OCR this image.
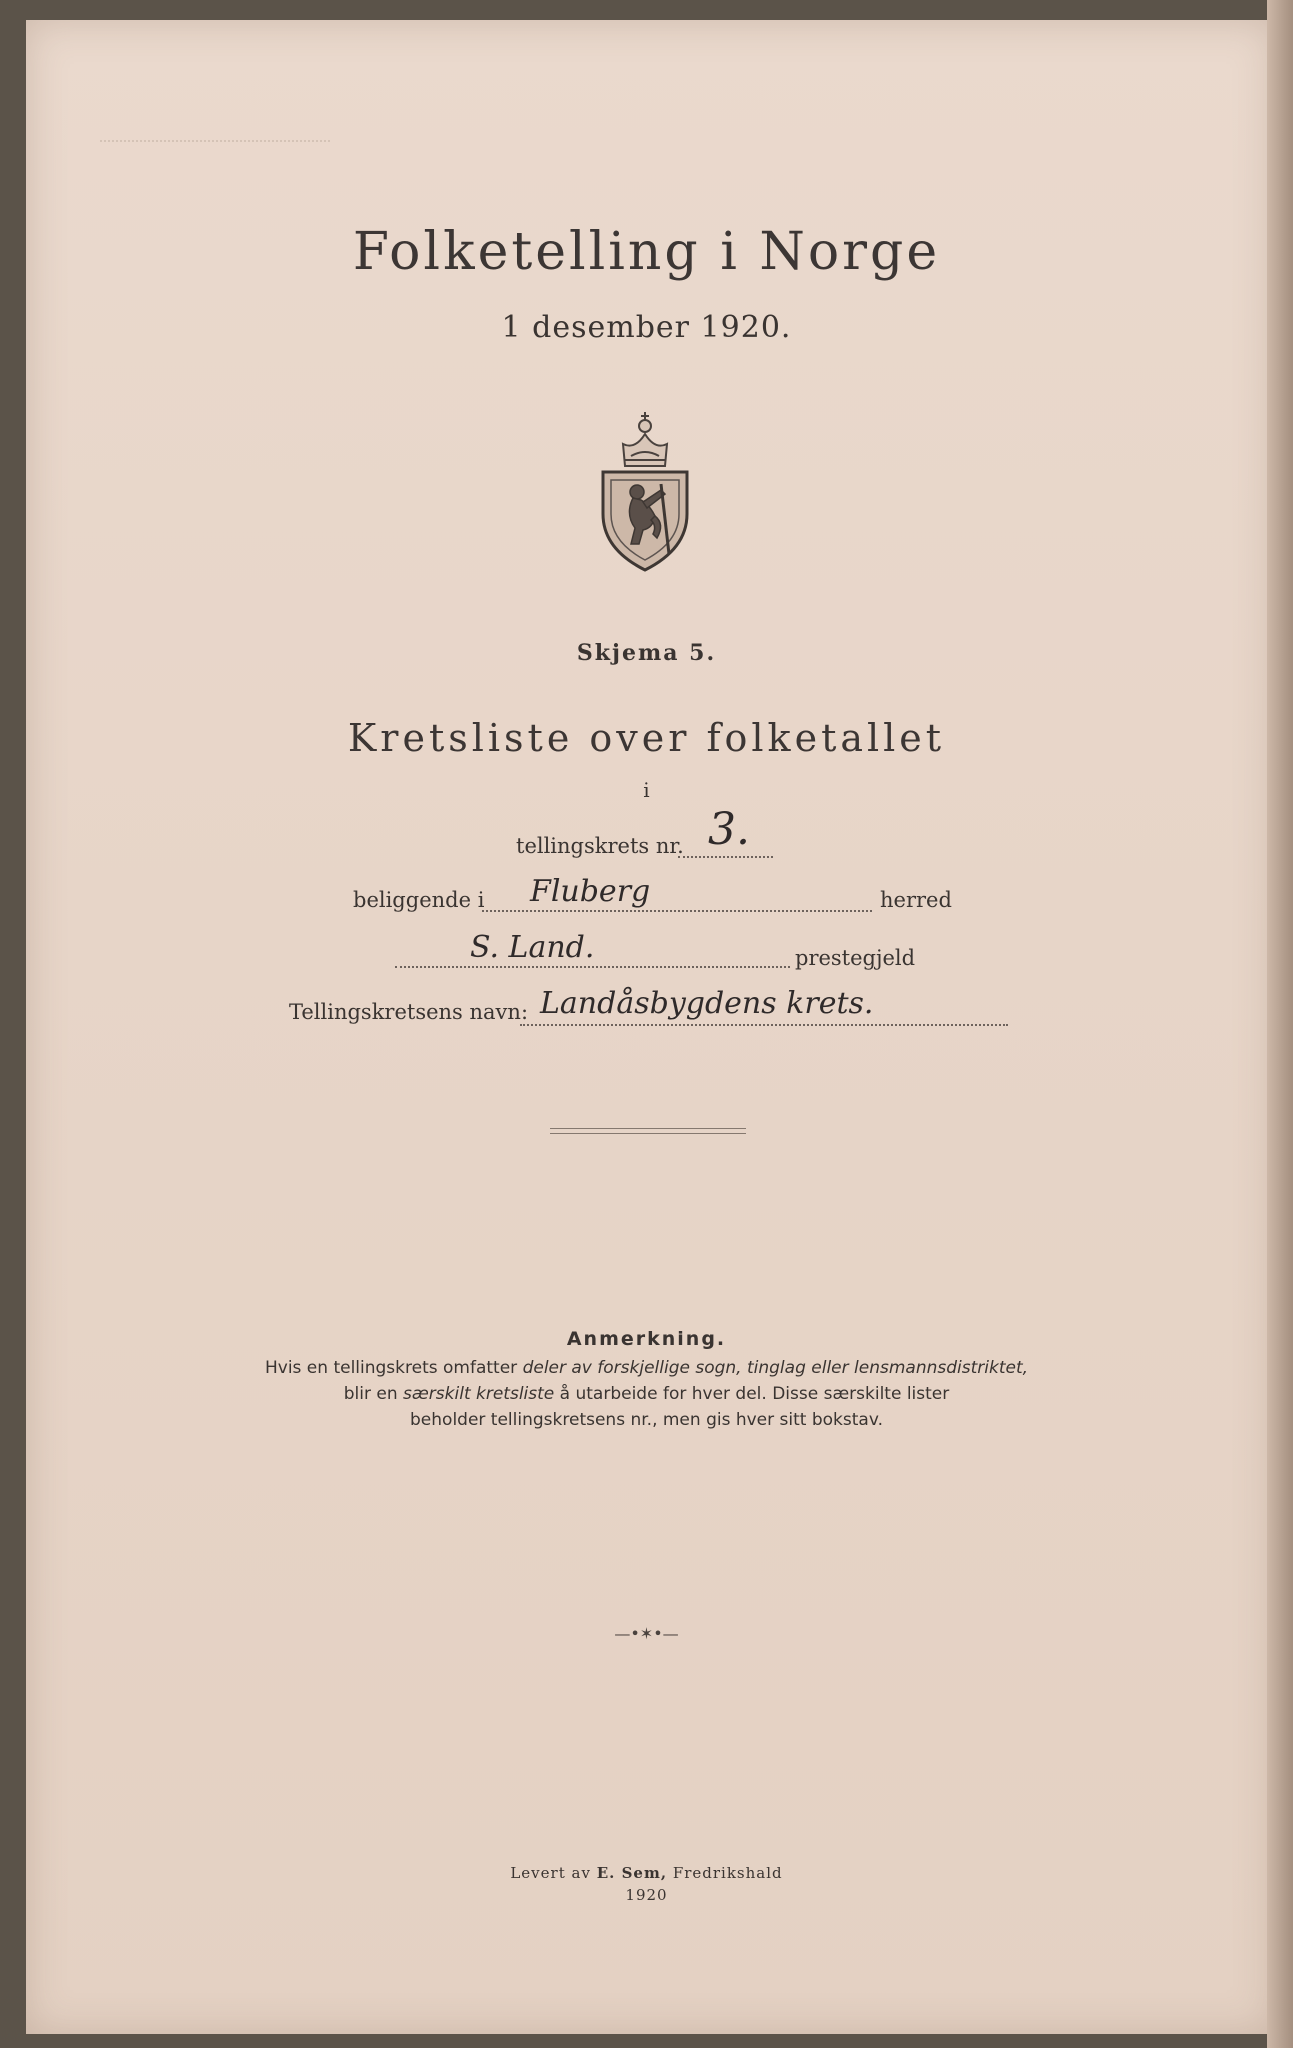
Folketelling i Norge
1 desember 1920.
Skjema 5.
Kretsliste over folketallet
i
tellingskrets nr. 3.
beliggende i Fluberg	herred
S. Land.	prestegjeld
Tellingskretsens navn: Landåsbygdens krets.
Anmerkning.
Hvis en tellingskrets omfatter deler av forskjellige sogn, tinglag eller lensmannsdistriktet,
blir en særskilt kretsliste å utarbeide for hver del. Disse særskilte lister
beholder tellingskretsens nr., men gis hver sitt bokstav.
—•✶•—
Levert av E. Sem, Fredrikshald
1920
